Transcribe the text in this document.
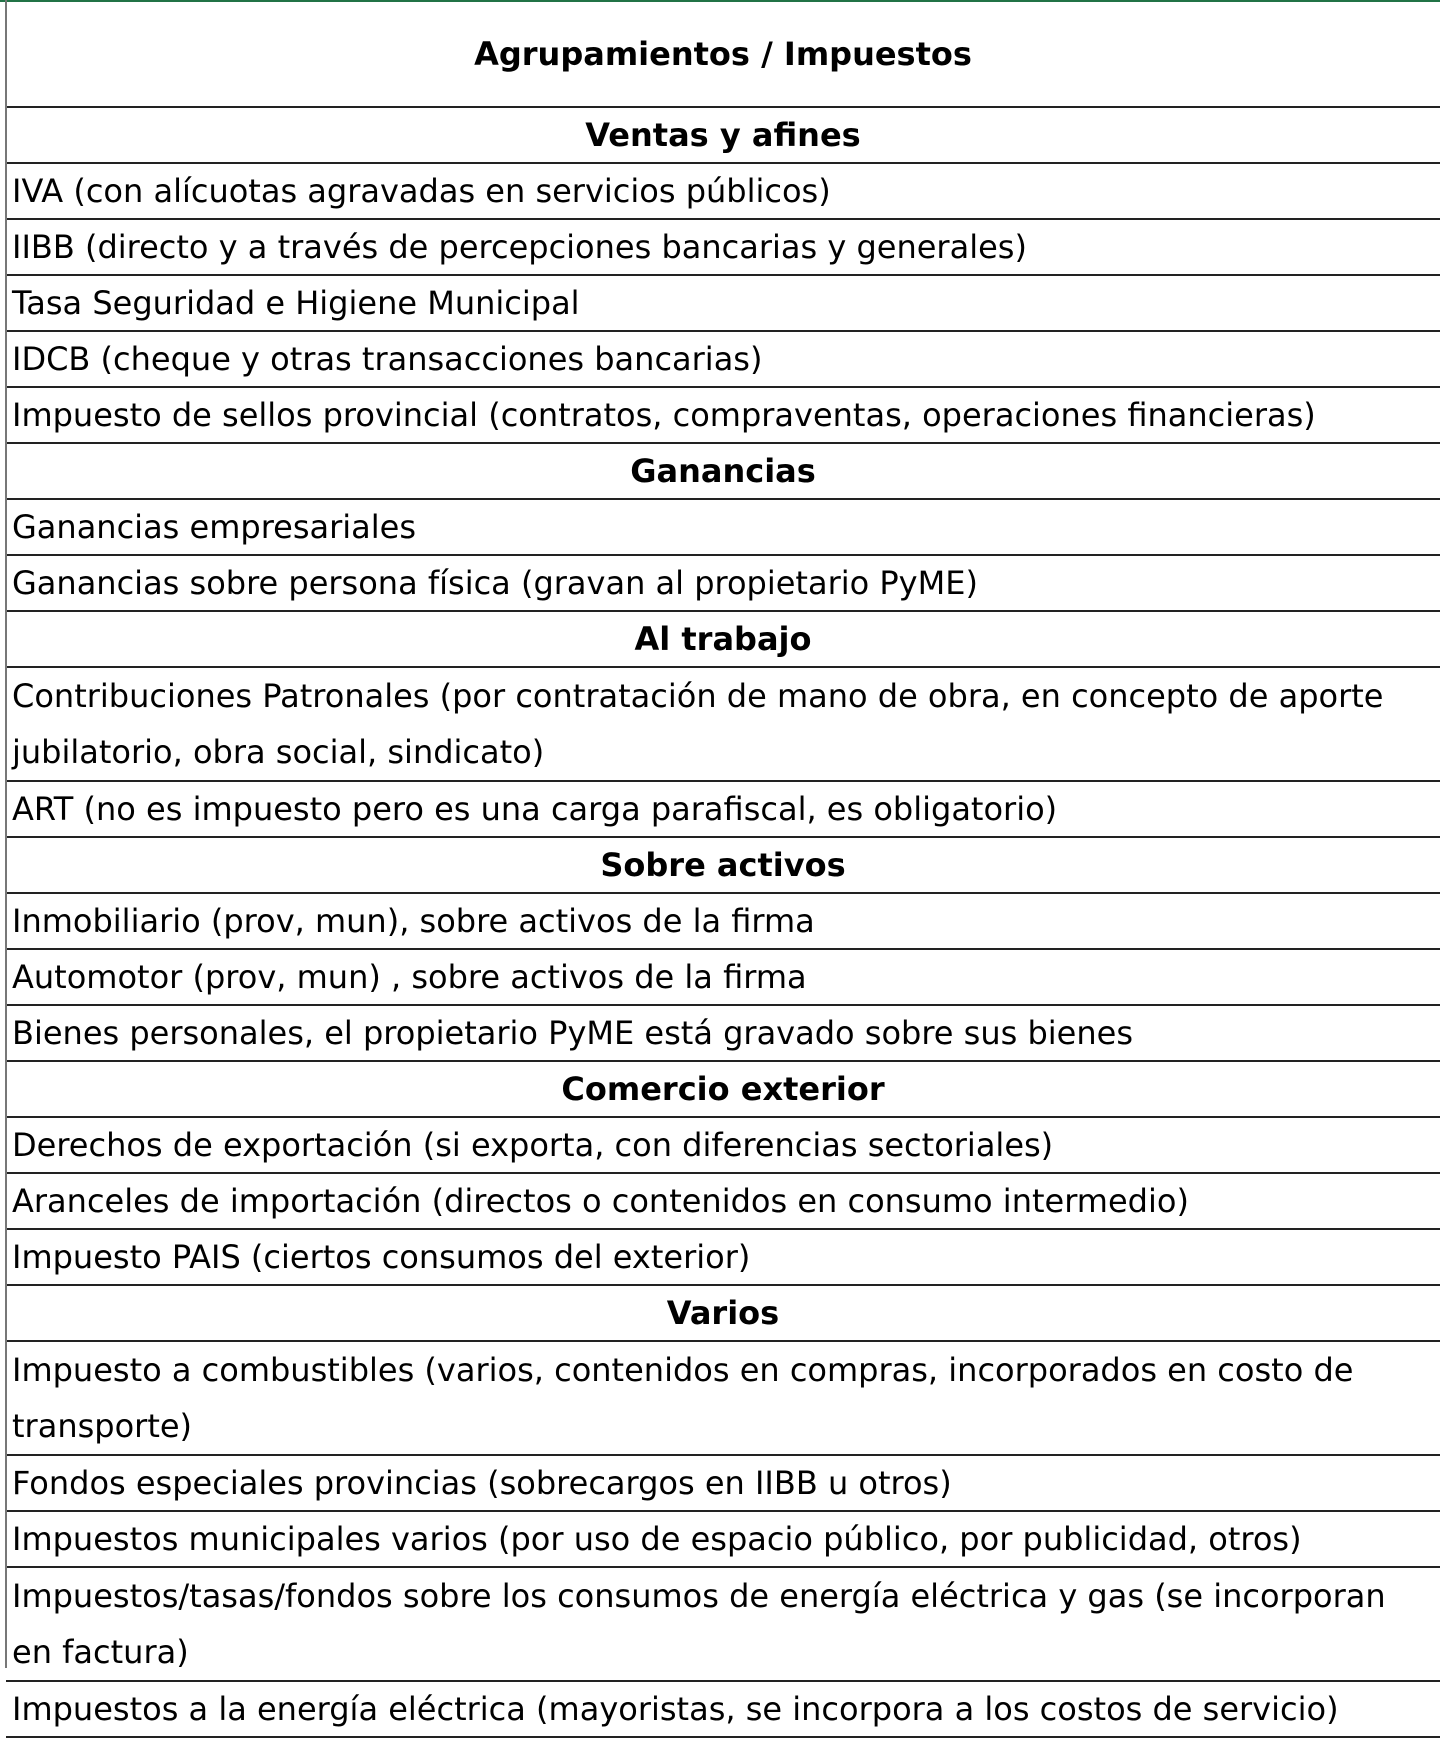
Agrupamientos / Impuestos
Ventas y afines
IVA (con alícuotas agravadas en servicios públicos)
IIBB (directo y a través de percepciones bancarias y generales)
Tasa Seguridad e Higiene Municipal
IDCB (cheque y otras transacciones bancarias)
Impuesto de sellos provincial (contratos, compraventas, operaciones financieras)
Ganancias
Ganancias empresariales
Ganancias sobre persona física (gravan al propietario PyME)
Al trabajo
Contribuciones Patronales (por contratación de mano de obra, en concepto de aporte jubilatorio, obra social, sindicato)
ART (no es impuesto pero es una carga parafiscal, es obligatorio)
Sobre activos
Inmobiliario (prov, mun), sobre activos de la firma
Automotor (prov, mun) , sobre activos de la firma
Bienes personales, el propietario PyME está gravado sobre sus bienes
Comercio exterior
Derechos de exportación (si exporta, con diferencias sectoriales)
Aranceles de importación (directos o contenidos en consumo intermedio)
Impuesto PAIS (ciertos consumos del exterior)
Varios
Impuesto a combustibles (varios, contenidos en compras, incorporados en costo de transporte)
Fondos especiales provincias (sobrecargos en IIBB u otros)
Impuestos municipales varios (por uso de espacio público, por publicidad, otros)
Impuestos/tasas/fondos sobre los consumos de energía eléctrica y gas (se incorporan en factura)
Impuestos a la energía eléctrica (mayoristas, se incorpora a los costos de servicio)
